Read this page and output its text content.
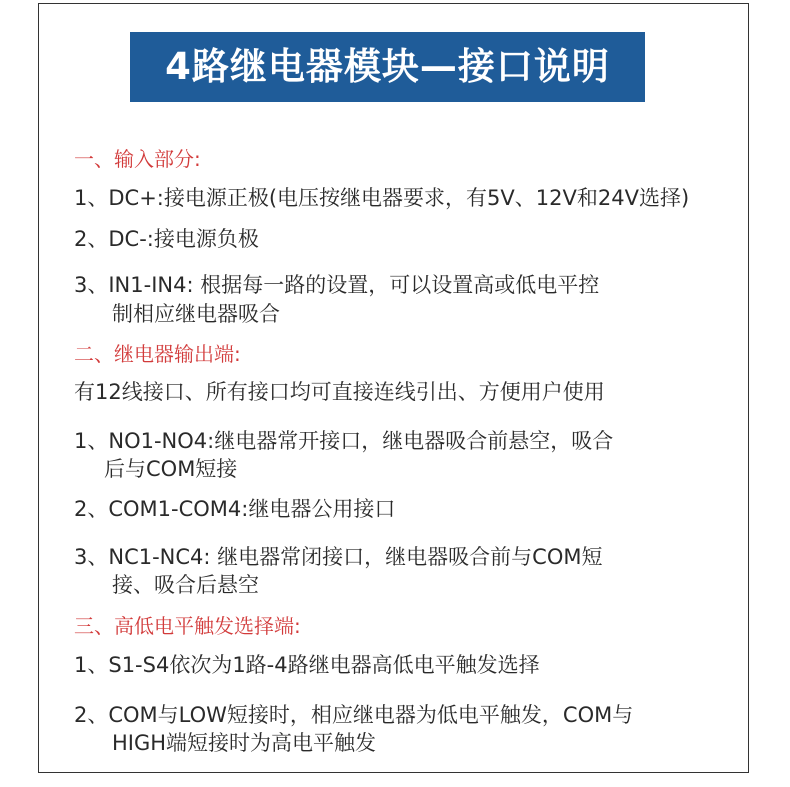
4路继电器模块—接口说明
一、输入部分:
1、DC+:接电源正极(电压按继电器要求，有5V、12V和24V选择)
2、DC-:接电源负极
3、IN1-IN4: 根据每一路的设置，可以设置高或低电平控
制相应继电器吸合
二、继电器输出端:
有12线接口、所有接口均可直接连线引出、方便用户使用
1、NO1-NO4:继电器常开接口，继电器吸合前悬空，吸合
后与COM短接
2、COM1-COM4:继电器公用接口
3、NC1-NC4: 继电器常闭接口，继电器吸合前与COM短
接、吸合后悬空
三、高低电平触发选择端:
1、S1-S4依次为1路-4路继电器高低电平触发选择
2、COM与LOW短接时，相应继电器为低电平触发，COM与
HIGH端短接时为高电平触发
